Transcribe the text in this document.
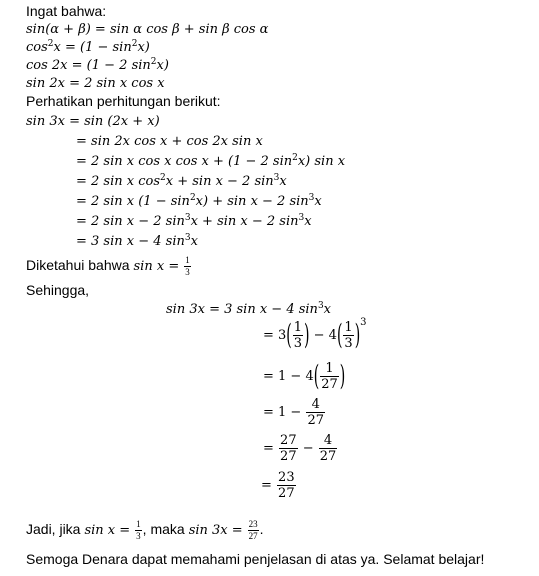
Ingat bahwa:
sin(α + β) = sin α cos β + sin β cos α
$\cos^2x = (1 - \sin^2x)$
cos 2x = (1 − 2 $\sin^2x$)
sin 2x = 2 sin x cos x
Perhatikan perhitungan berikut:
sin 3x = sin (2x + x)
= sin 2x cos x + cos 2x sin x
= 2 sin x cos x cos x + (1 − 2 $\sin^2x$) sin x
= 2 sin x $\cos^2x + \sin x - 2$ $\sin^3x$
= 2 sin x $(1 - \sin^2x) + \sin x - 2$ $\sin^3x$
= 2 sin x − 2 $\sin^3x + \sin x - 2$ $\sin^3x$
= 3 sin x − 4 $\sin^3x$
Diketahui bahwa $\sin x = \frac{1}{3}$
Sehingga,
sin 3x = 3 sin x − 4 $\sin^3x$
= $3( \frac{1}{3}$ ) − $4( \frac{1}{3} )^3$
= $1 - 4( \frac{1}{27}$ )
= $1 - \frac{4}{27}$
= $\frac{27}{27} - \frac{4}{27}$
= $\frac{23}{27}$
Jadi, jika $\sin x = \frac{1}{3}$ , maka $\sin 3x = \frac{23}{27}$ .
Semoga Denara dapat memahami penjelasan di atas ya. Selamat belajar!
